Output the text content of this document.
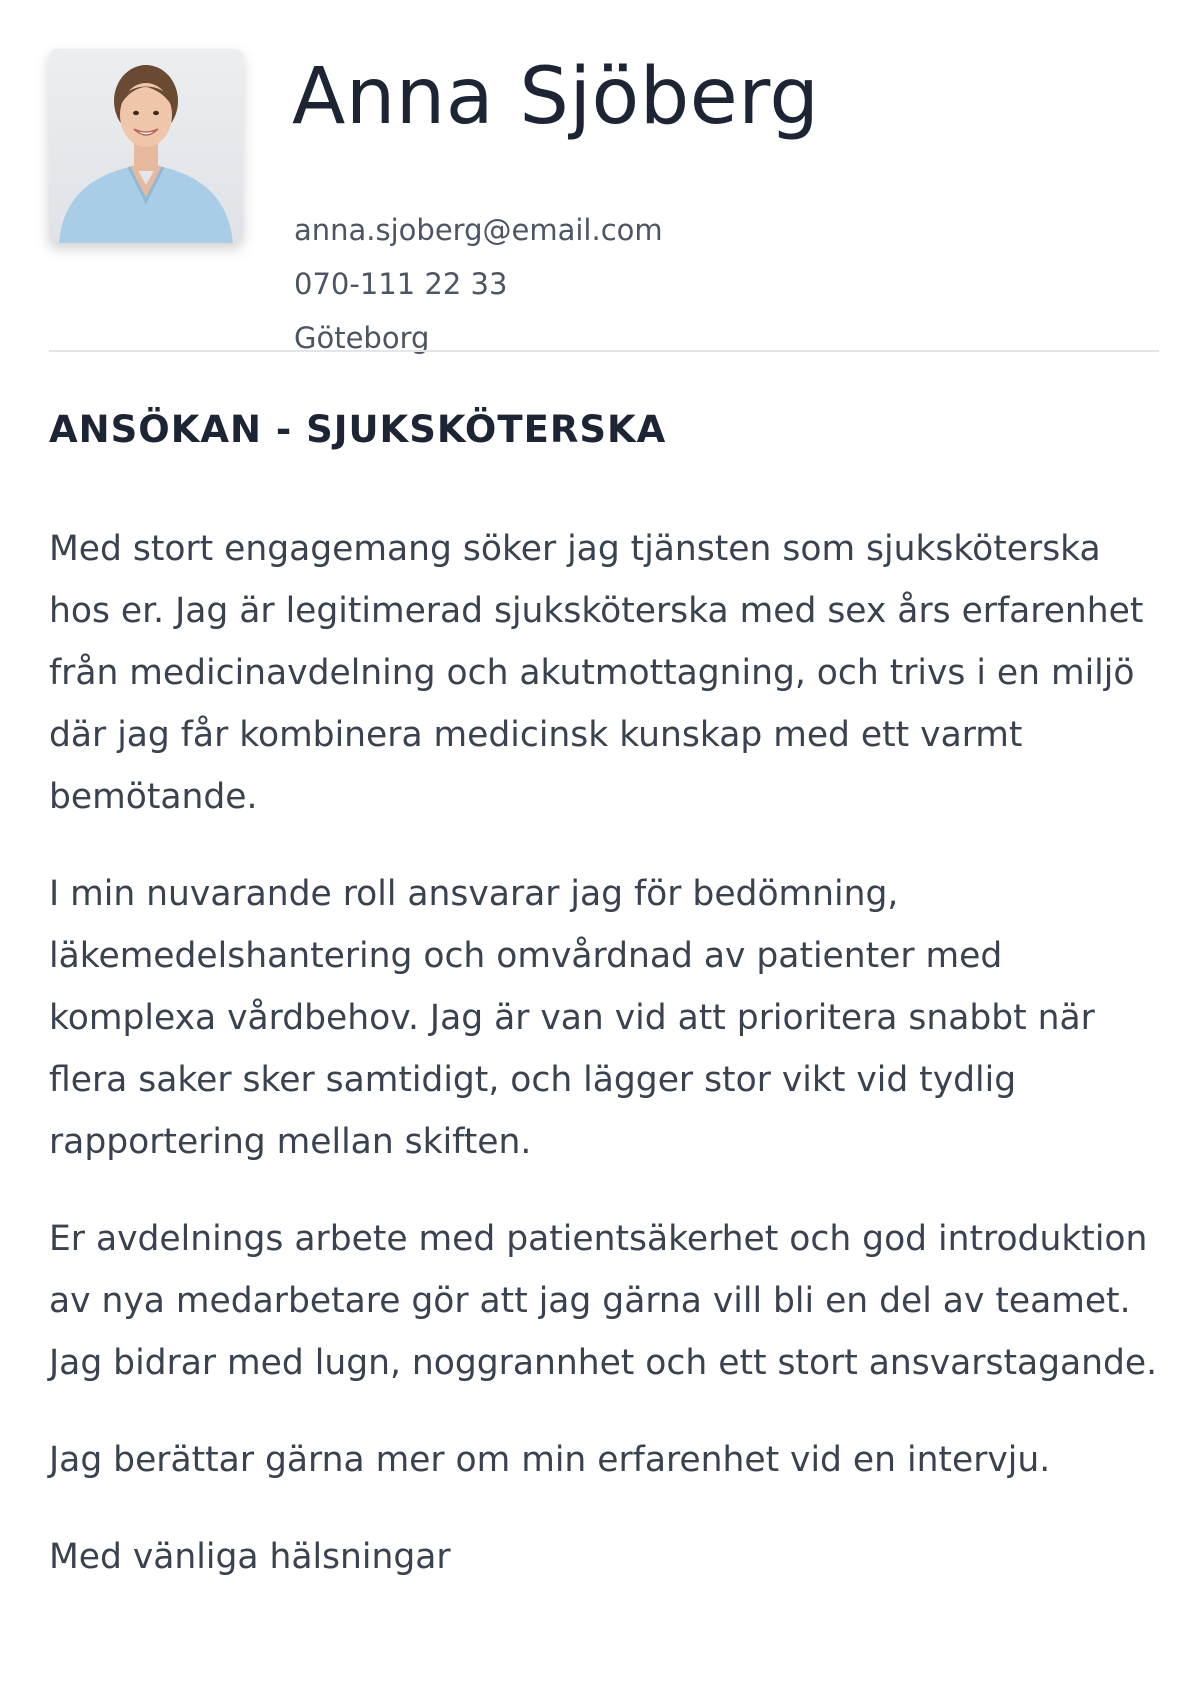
Anna Sjöberg
anna.sjoberg@email.com
070-111 22 33
Göteborg
ANSÖKAN - SJUKSKÖTERSKA

Med stort engagemang söker jag tjänsten som sjuksköterska hos er. Jag är legitimerad sjuksköterska med sex års erfarenhet från medicinavdelning och akutmottagning, och trivs i en miljö där jag får kombinera medicinsk kunskap med ett varmt bemötande.

I min nuvarande roll ansvarar jag för bedömning, läkemedelshantering och omvårdnad av patienter med komplexa vårdbehov. Jag är van vid att prioritera snabbt när flera saker sker samtidigt, och lägger stor vikt vid tydlig rapportering mellan skiften.

Er avdelnings arbete med patientsäkerhet och god introduktion av nya medarbetare gör att jag gärna vill bli en del av teamet. Jag bidrar med lugn, noggrannhet och ett stort ansvarstagande.

Jag berättar gärna mer om min erfarenhet vid en intervju.

Med vänliga hälsningar
